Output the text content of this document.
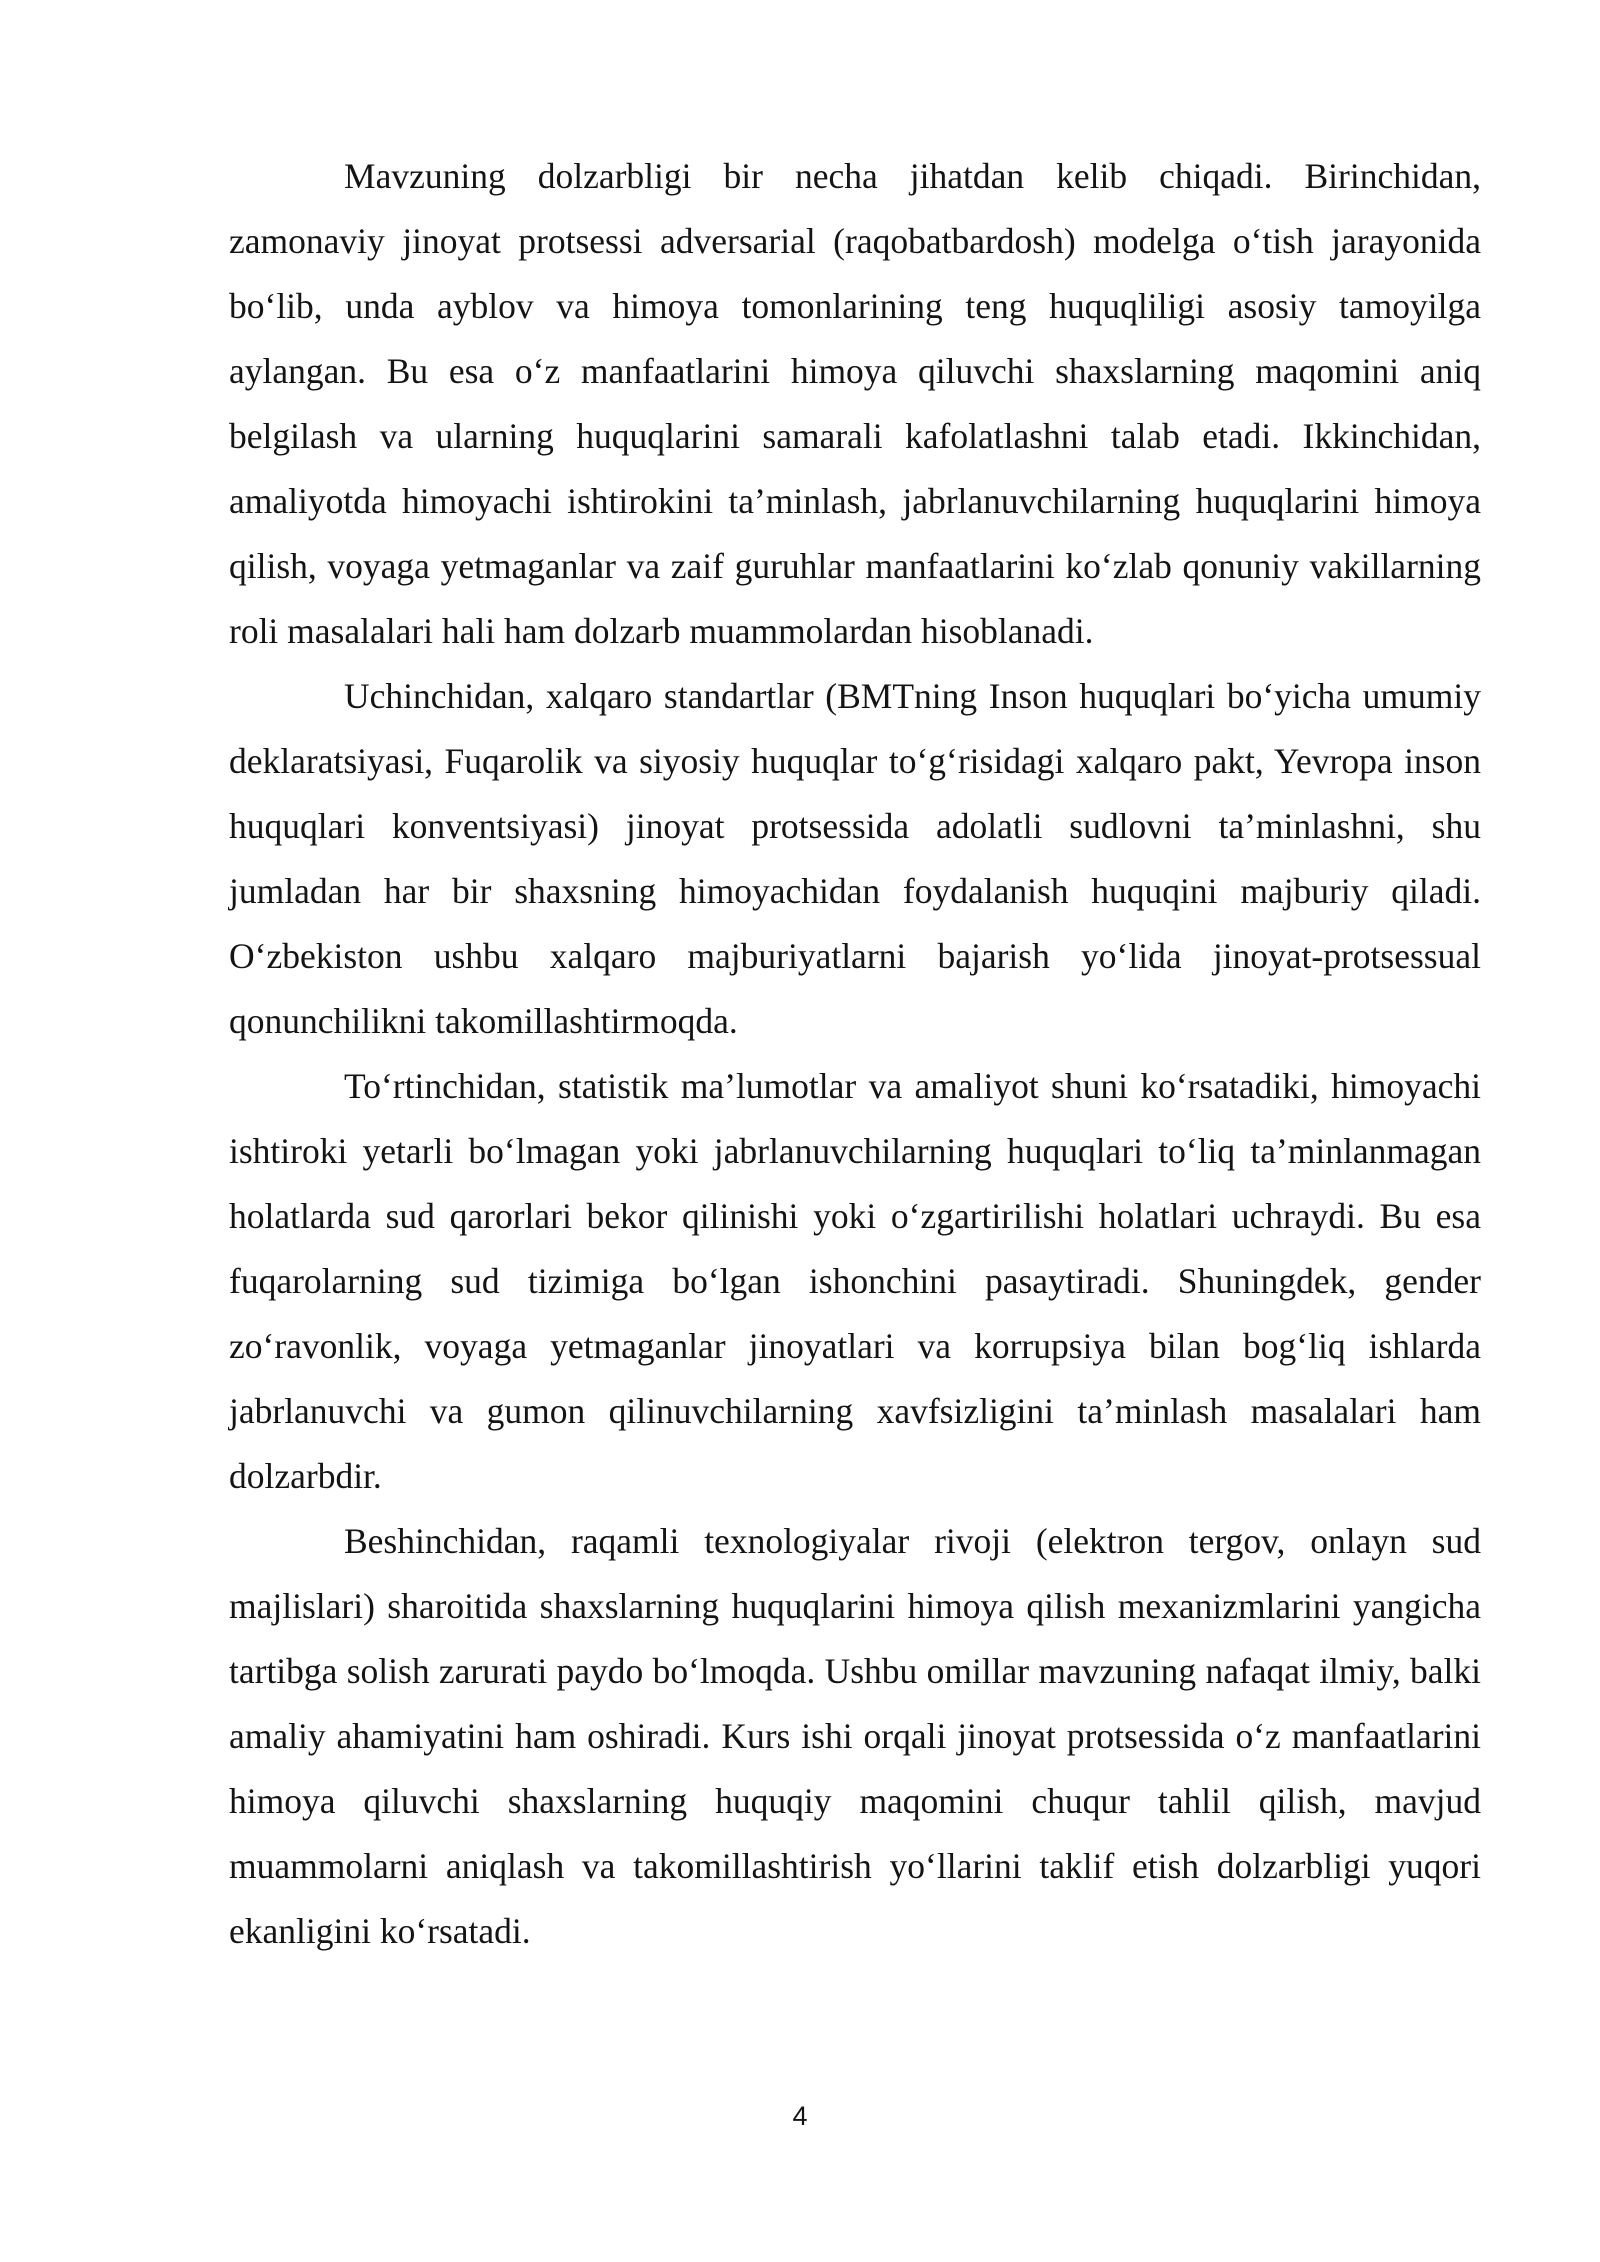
Mavzuning dolzarbligi bir necha jihatdan kelib chiqadi. Birinchidan, zamonaviy jinoyat protsessi adversarial (raqobatbardosh) modelga o‘tish jarayonida bo‘lib, unda ayblov va himoya tomonlarining teng huquqliligi asosiy tamoyilga aylangan. Bu esa o‘z manfaatlarini himoya qiluvchi shaxslarning maqomini aniq belgilash va ularning huquqlarini samarali kafolatlashni talab etadi. Ikkinchidan, amaliyotda himoyachi ishtirokini ta’minlash, jabrlanuvchilarning huquqlarini himoya qilish, voyaga yetmaganlar va zaif guruhlar manfaatlarini ko‘zlab qonuniy vakillarning roli masalalari hali ham dolzarb muammolardan hisoblanadi.

Uchinchidan, xalqaro standartlar (BMTning Inson huquqlari bo‘yicha umumiy deklaratsiyasi, Fuqarolik va siyosiy huquqlar to‘g‘risidagi xalqaro pakt, Yevropa inson huquqlari konventsiyasi) jinoyat protsessida adolatli sudlovni ta’minlashni, shu jumladan har bir shaxsning himoyachidan foydalanish huquqini majburiy qiladi. O‘zbekiston ushbu xalqaro majburiyatlarni bajarish yo‘lida jinoyat-protsessual qonunchilikni takomillashtirmoqda.

To‘rtinchidan, statistik ma’lumotlar va amaliyot shuni ko‘rsatadiki, himoyachi ishtiroki yetarli bo‘lmagan yoki jabrlanuvchilarning huquqlari to‘liq ta’minlanmagan holatlarda sud qarorlari bekor qilinishi yoki o‘zgartirilishi holatlari uchraydi. Bu esa fuqarolarning sud tizimiga bo‘lgan ishonchini pasaytiradi. Shuningdek, gender zo‘ravonlik, voyaga yetmaganlar jinoyatlari va korrupsiya bilan bog‘liq ishlarda jabrlanuvchi va gumon qilinuvchilarning xavfsizligini ta’minlash masalalari ham dolzarbdir.

Beshinchidan, raqamli texnologiyalar rivoji (elektron tergov, onlayn sud majlislari) sharoitida shaxslarning huquqlarini himoya qilish mexanizmlarini yangicha tartibga solish zarurati paydo bo‘lmoqda. Ushbu omillar mavzuning nafaqat ilmiy, balki amaliy ahamiyatini ham oshiradi. Kurs ishi orqali jinoyat protsessida o‘z manfaatlarini himoya qiluvchi shaxslarning huquqiy maqomini chuqur tahlil qilish, mavjud muammolarni aniqlash va takomillashtirish yo‘llarini taklif etish dolzarbligi yuqori ekanligini ko‘rsatadi.

4
